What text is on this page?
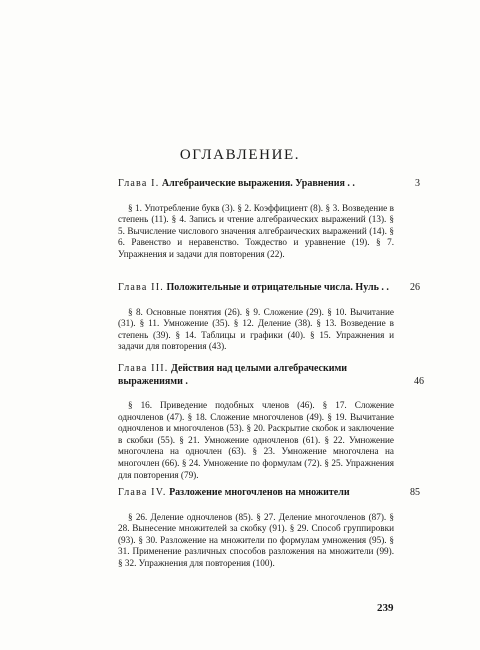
ОГЛАВЛЕНИЕ.
Глава I. Алгебраические выражения. Уравнения . .	3
§ 1. Употребление букв (3). § 2. Коэффициент (8). § 3. Возведение в степень (11). § 4. Запись и чтение алгебраических выражений (13). § 5. Вычисление числового значения алгебраических выражений (14). § 6. Равенство и неравенство. Тождество и уравнение (19). § 7. Упражнения и задачи для повторения (22).
Глава II. Положительные и отрицательные числа. Нуль . . 26
§ 8. Основные понятия (26). § 9. Сложение (29). § 10. Вычитание (31). § 11. Умножение (35). § 12. Деление (38). § 13. Возведение в степень (39). § 14. Таблицы и графики (40). § 15. Упражнения и задачи для повторения (43).
Глава III. Действия над целыми алгебраческими выражениями .	46
§ 16. Приведение подобных членов (46). § 17. Сложение одночленов (47). § 18. Сложение многочленов (49). § 19. Вычитание одночленов и многочленов (53). § 20. Раскрытие скобок и заключение в скобки (55). § 21. Умножение одночленов (61). § 22. Умножение многочлена на одночлен (63). § 23. Умножение многочлена на многочлен (66). § 24. Умножение по формулам (72). § 25. Упражнения для повторения (79).
Глава IV. Разложение многочленов на множители	85
§ 26. Деление одночленов (85). § 27. Деление многочленов (87). § 28. Вынесение множителей за скобку (91). § 29. Способ группировки (93). § 30. Разложение на множители по формулам умножения (95). § 31. Применение различных способов разложения на множители (99). § 32. Упражнения для повторения (100).
239
